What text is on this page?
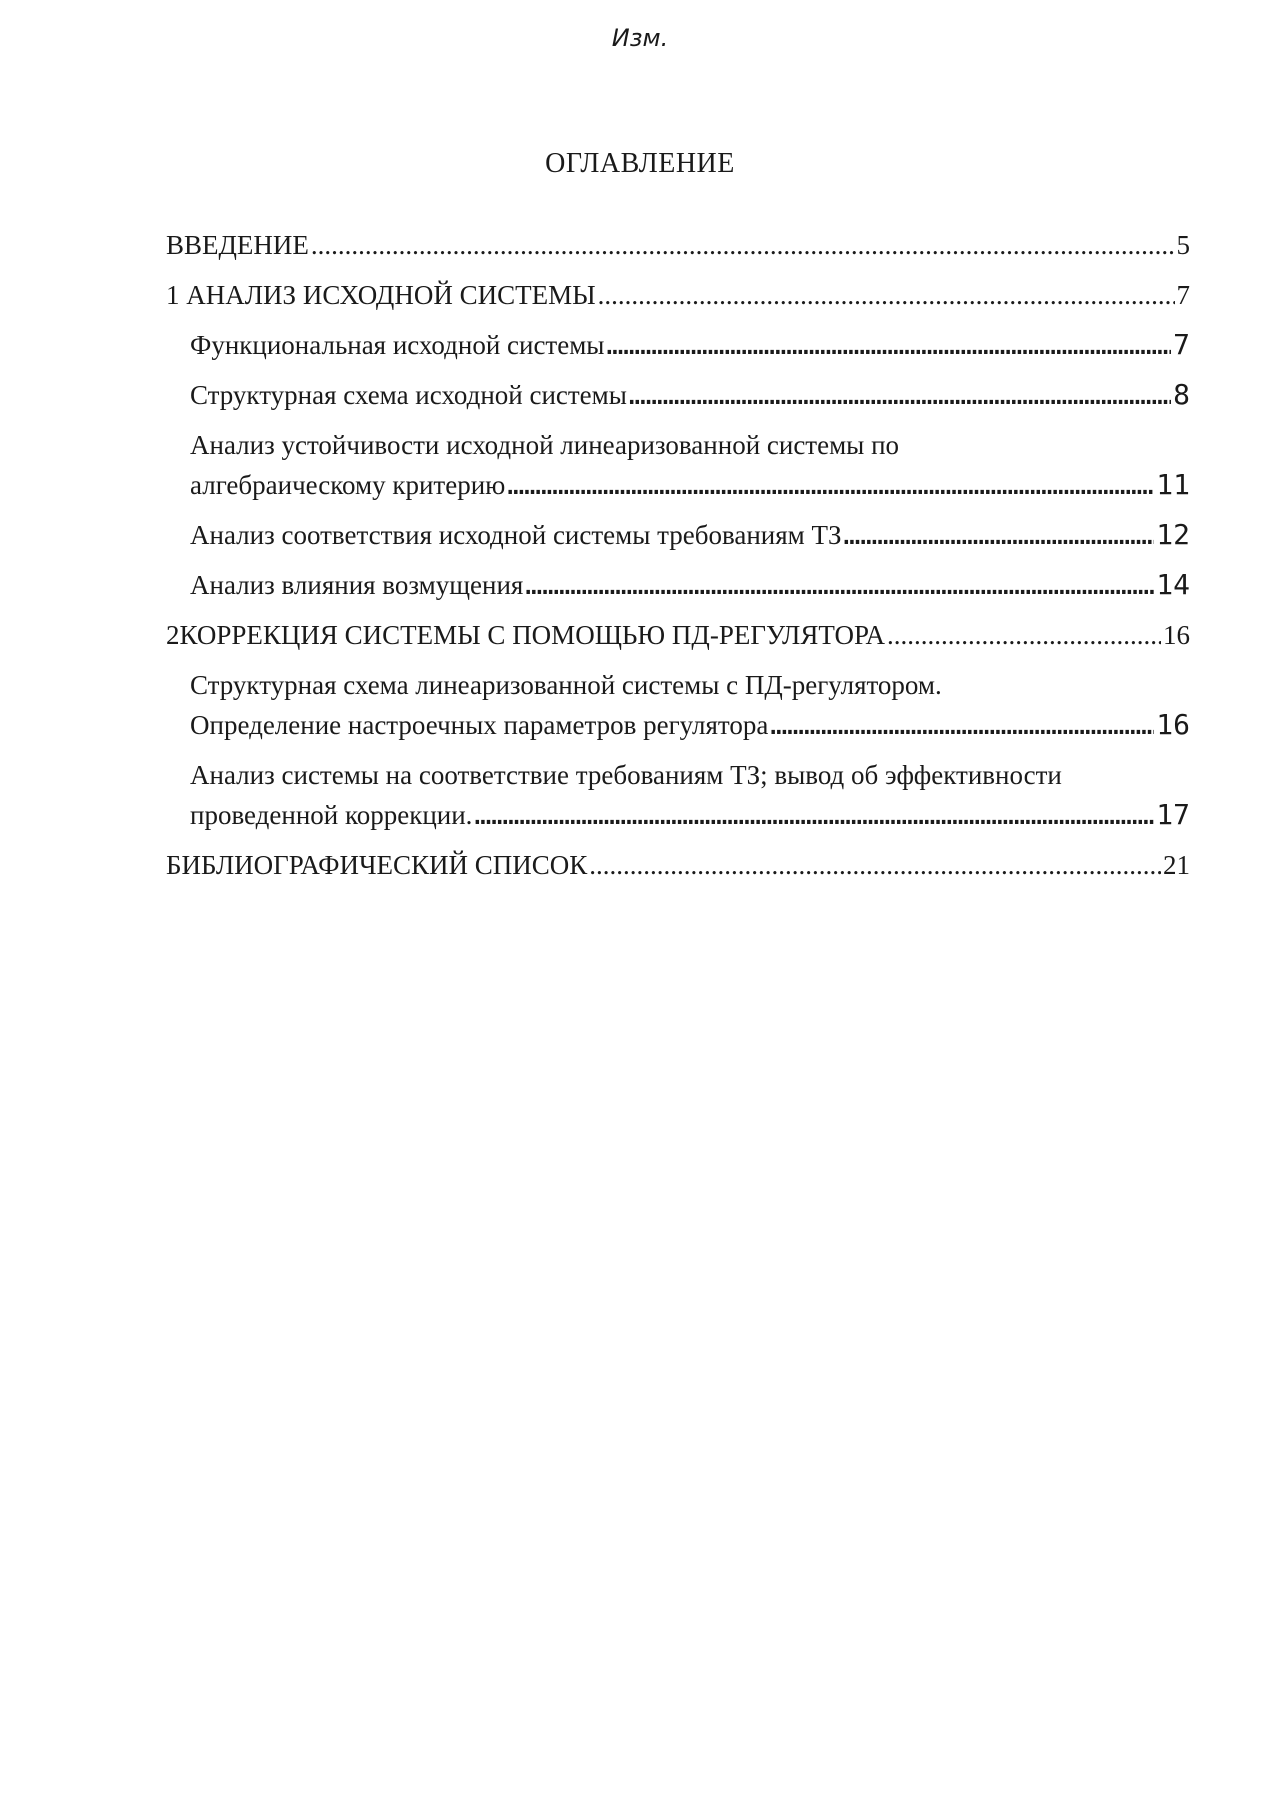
Изм.
ОГЛАВЛЕНИЕ
ВВЕДЕНИЕ .....	5
1
АНАЛИЗ ИСХОДНОЙ СИСТЕМЫ .....	7
Функциональная исходной системы …………………………………………………………………………………………………………………………………………………………………………………………	7
Структурная схема исходной системы …………………………………………………………………………………………………………………………………………………………………………………………	8
Анализ устойчивости исходной линеаризованной системы по
алгебраическому критерию …………………………………………………………………………………………………………………………………………………………………………………………	11
Анализ соответствия исходной системы требованиям ТЗ …………………………………………………………………………………………………………………………………………………………………………………………	12
Анализ влияния возмущения …………………………………………………………………………………………………………………………………………………………………………………………	14
2 КОРРЕКЦИЯ СИСТЕМЫ С ПОМОЩЬЮ ПД-РЕГУЛЯТОРА .....	16
Структурная схема линеаризованной системы с ПД-регулятором.
Определение настроечных параметров регулятора …………………………………………………………………………………………………………………………………………………………………………………………	16
Анализ системы на соответствие требованиям ТЗ; вывод об эффективности
проведенной коррекции. …………………………………………………………………………………………………………………………………………………………………………………………	17
БИБЛИОГРАФИЧЕСКИЙ СПИСОК .....	21
